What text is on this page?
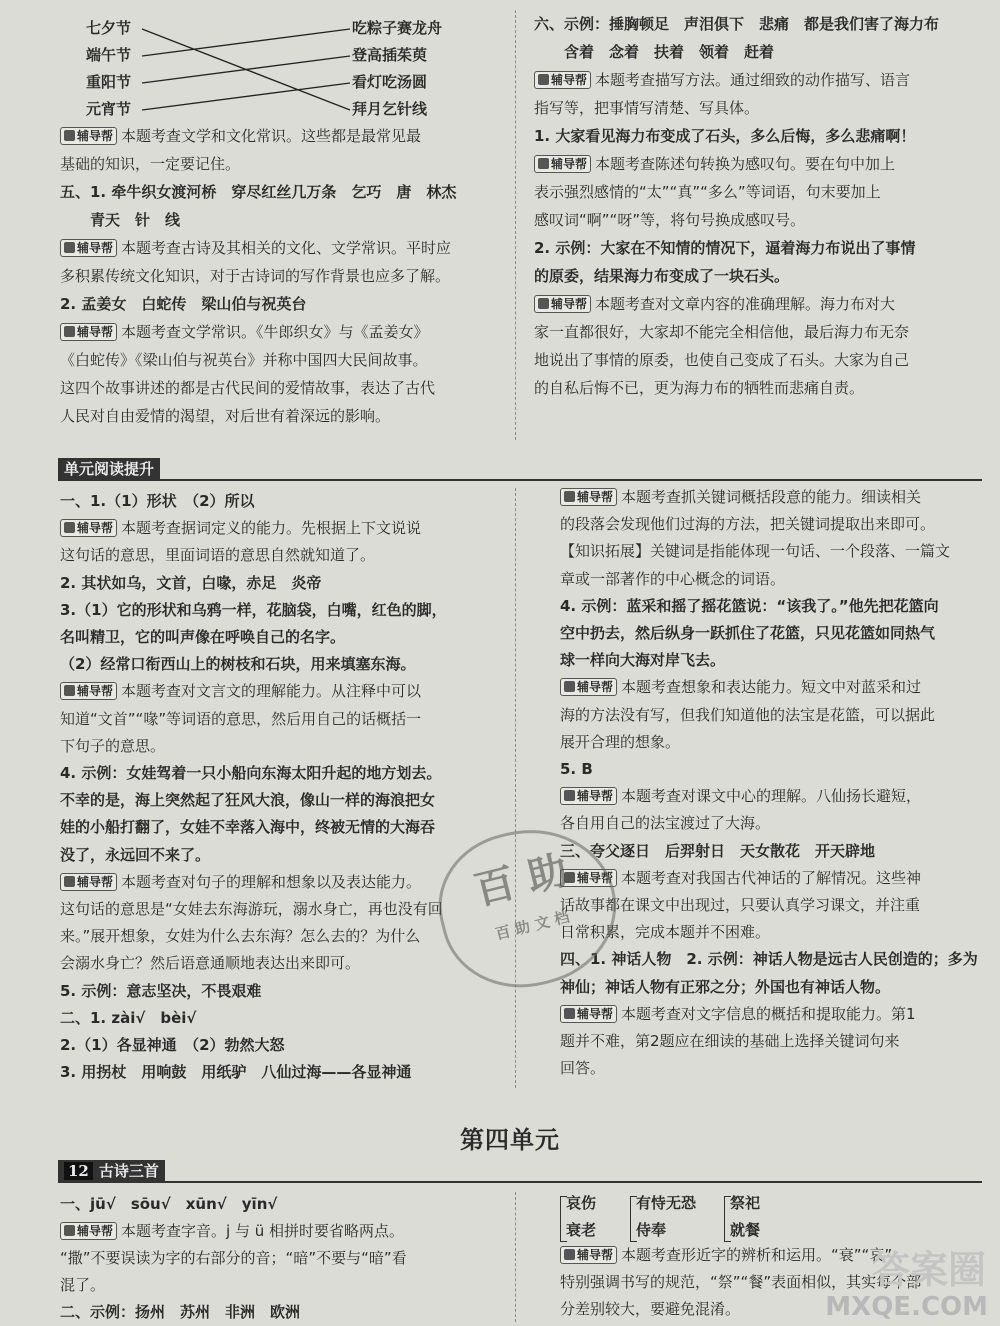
七夕节
端午节
重阳节
元宵节
吃粽子赛龙舟
登高插茱萸
看灯吃汤圆
拜月乞针线
辅导帮 本题考查文学和文化常识。这些都是最常见最
基础的知识，一定要记住。
五、1. 牵牛织女渡河桥　穿尽红丝几万条　乞巧　唐　林杰
　　青天　针　线
辅导帮 本题考查古诗及其相关的文化、文学常识。平时应
多积累传统文化知识，对于古诗词的写作背景也应多了解。
2. 孟姜女　白蛇传　梁山伯与祝英台
辅导帮 本题考查文学常识。《牛郎织女》与《孟姜女》
《白蛇传》《梁山伯与祝英台》并称中国四大民间故事。
这四个故事讲述的都是古代民间的爱情故事，表达了古代
人民对自由爱情的渴望，对后世有着深远的影响。
六、示例：捶胸顿足　声泪俱下　悲痛　都是我们害了海力布
　　含着　念着　扶着　领着　赶着
辅导帮 本题考查描写方法。通过细致的动作描写、语言
指写等，把事情写清楚、写具体。
1. 大家看见海力布变成了石头，多么后悔，多么悲痛啊！
辅导帮 本题考查陈述句转换为感叹句。要在句中加上
表示强烈感情的“太”“真”“多么”等词语，句末要加上
感叹词“啊”“呀”等，将句号换成感叹号。
2. 示例：大家在不知情的情况下，逼着海力布说出了事情
的原委，结果海力布变成了一块石头。
辅导帮 本题考查对文章内容的准确理解。海力布对大
家一直都很好，大家却不能完全相信他，最后海力布无奈
地说出了事情的原委，也使自己变成了石头。大家为自己
的自私后悔不已，更为海力布的牺牲而悲痛自责。
单元阅读提升
一、1.（1）形状　（2）所以
辅导帮 本题考查据词定义的能力。先根据上下文说说
这句话的意思，里面词语的意思自然就知道了。
2. 其状如乌，文首，白喙，赤足　炎帝
3.（1）它的形状和乌鸦一样，花脑袋，白嘴，红色的脚，
名叫精卫，它的叫声像在呼唤自己的名字。
（2）经常口衔西山上的树枝和石块，用来填塞东海。
辅导帮 本题考查对文言文的理解能力。从注释中可以
知道“文首”“喙”等词语的意思，然后用自己的话概括一
下句子的意思。
4. 示例：女娃驾着一只小船向东海太阳升起的地方划去。
不幸的是，海上突然起了狂风大浪，像山一样的海浪把女
娃的小船打翻了，女娃不幸落入海中，终被无情的大海吞
没了，永远回不来了。
辅导帮 本题考查对句子的理解和想象以及表达能力。
这句话的意思是“女娃去东海游玩，溺水身亡，再也没有回
来。”展开想象，女娃为什么去东海？怎么去的？为什么
会溺水身亡？然后语意通顺地表达出来即可。
5. 示例：意志坚决，不畏艰难
二、1. zài√　bèi√
2.（1）各显神通　（2）勃然大怒
3. 用拐杖　用响鼓　用纸驴　八仙过海——各显神通
辅导帮 本题考查抓关键词概括段意的能力。细读相关
的段落会发现他们过海的方法，把关键词提取出来即可。
【知识拓展】关键词是指能体现一句话、一个段落、一篇文
章或一部著作的中心概念的词语。
4. 示例：蓝采和摇了摇花篮说：“该我了。”他先把花篮向
空中扔去，然后纵身一跃抓住了花篮，只见花篮如同热气
球一样向大海对岸飞去。
辅导帮 本题考查想象和表达能力。短文中对蓝采和过
海的方法没有写，但我们知道他的法宝是花篮，可以据此
展开合理的想象。
5. B
辅导帮 本题考查对课文中心的理解。八仙扬长避短，
各自用自己的法宝渡过了大海。
三、夸父逐日　后羿射日　天女散花　开天辟地
辅导帮 本题考查对我国古代神话的了解情况。这些神
话故事都在课文中出现过，只要认真学习课文，并注重
日常积累，完成本题并不困难。
四、1. 神话人物　2. 示例：神话人物是远古人民创造的；多为
神仙；神话人物有正邪之分；外国也有神话人物。
辅导帮 本题考查对文字信息的概括和提取能力。第1
题并不难，第2题应在细读的基础上选择关键词句来
回答。
第四单元
12 古诗三首
一、jū√　sōu√　xūn√　yīn√
辅导帮 本题考查字音。j 与 ü 相拼时要省略两点。
“撒”不要误读为字的右部分的音；“暗”不要与“暗”看
混了。
二、示例：扬州　苏州　非洲　欧洲
哀伤
衰老
有恃无恐
侍奉
祭祀
就餐
辅导帮 本题考查形近字的辨析和运用。“衰”“哀”
特别强调书写的规范，“祭”“餐”表面相似，其实每个部
分差别较大，要避免混淆。
百 助
百 助 文 档
答案圈
MXQE.COM
